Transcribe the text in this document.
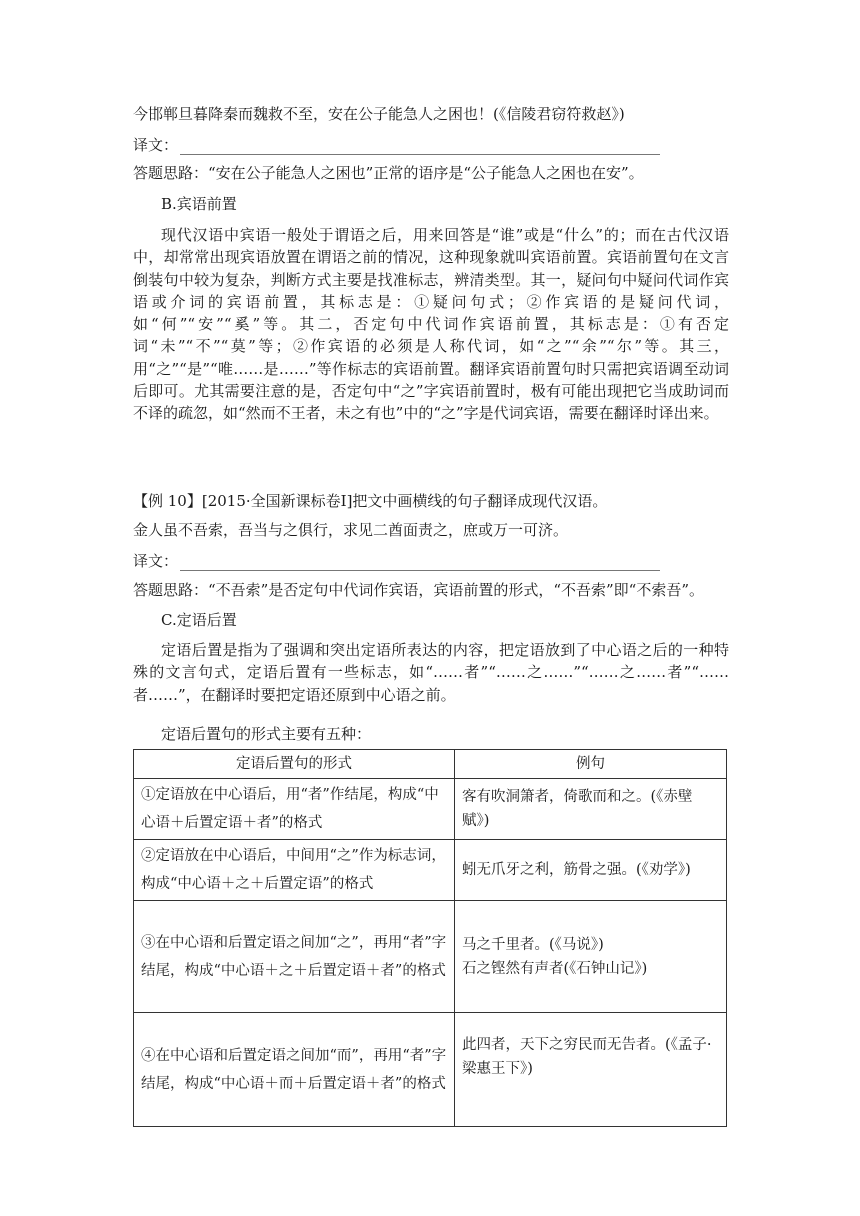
今邯郸旦暮降秦而魏救不至，安在公子能急人之困也！(《信陵君窃符救赵》)
译文：
答题思路：“安在公子能急人之困也”正常的语序是“公子能急人之困也在安”。
B.宾语前置
现代汉语中宾语一般处于谓语之后，用来回答是“谁”或是“什么”的；而在古代汉语中，却常常出现宾语放置在谓语之前的情况，这种现象就叫宾语前置。宾语前置句在文言倒装句中较为复杂，判断方式主要是找准标志，辨清类型。其一，疑问句中疑问代词作宾语或介词的宾语前置，其标志是：①疑问句式；②作宾语的是疑问代词，如“何”“安”“奚”等。其二，否定句中代词作宾语前置，其标志是：①有否定词“未”“不”“莫”等；②作宾语的必须是人称代词，如“之”“余”“尔”等。其三，用“之”“是”“唯……是……”等作标志的宾语前置。翻译宾语前置句时只需把宾语调至动词后即可。尤其需要注意的是，否定句中“之”字宾语前置时，极有可能出现把它当成助词而不译的疏忽，如“然而不王者，未之有也”中的“之”字是代词宾语，需要在翻译时译出来。
【例 10】[2015·全国新课标卷Ⅰ]把文中画横线的句子翻译成现代汉语。
金人虽不吾索，吾当与之俱行，求见二酋面责之，庶或万一可济。
译文：
答题思路：“不吾索”是否定句中代词作宾语，宾语前置的形式，“不吾索”即“不索吾”。
C.定语后置
定语后置是指为了强调和突出定语所表达的内容，把定语放到了中心语之后的一种特殊的文言句式，定语后置有一些标志，如“……者”“……之……”“……之……者”“……者……”，在翻译时要把定语还原到中心语之前。
定语后置句的形式主要有五种：
定语后置句的形式	例句
①定语放在中心语后，用“者”作结尾，构成“中心语＋后置定语＋者”的格式	客有吹洞箫者，倚歌而和之。(《赤壁赋》)
②定语放在中心语后，中间用“之”作为标志词，构成“中心语＋之＋后置定语”的格式	蚓无爪牙之利，筋骨之强。(《劝学》)
③在中心语和后置定语之间加“之”，再用“者”字结尾，构成“中心语＋之＋后置定语＋者”的格式	马之千里者。(《马说》)
石之铿然有声者(《石钟山记》)

④在中心语和后置定语之间加“而”，再用“者”字结尾，构成“中心语＋而＋后置定语＋者”的格式	此四者，天下之穷民而无告者。(《孟子·梁惠王下》)
